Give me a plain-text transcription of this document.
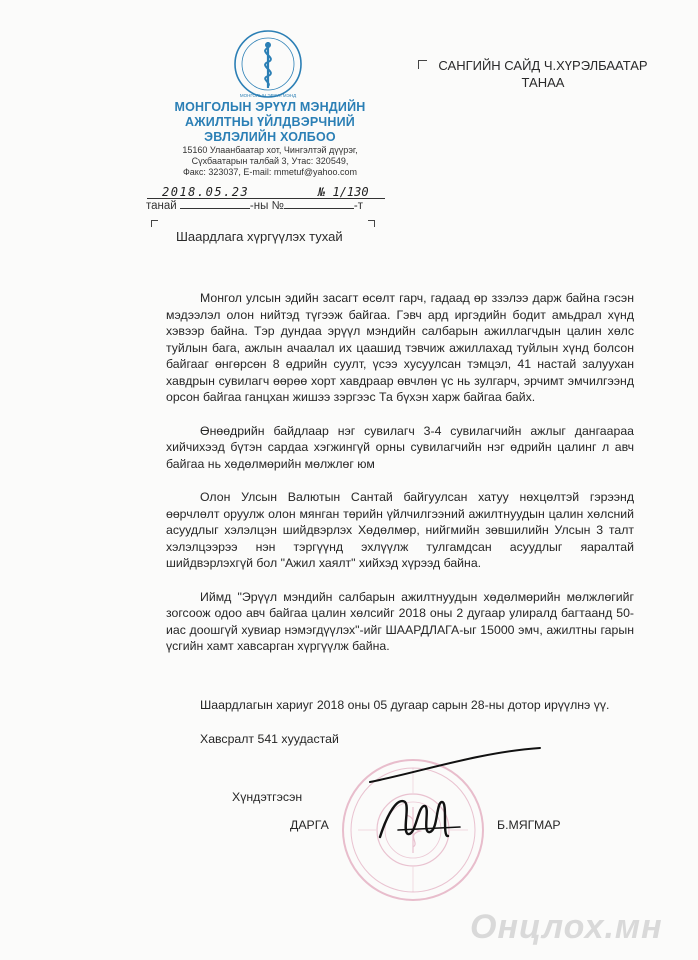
МОНГОЛЫН ЭРҮҮЛ МЭНД
МОНГОЛЫН ЭРҮҮЛ МЭНДИЙН
АЖИЛТНЫ ҮЙЛДВЭРЧНИЙ
ЭВЛЭЛИЙН ХОЛБОО
15160 Улаанбаатар хот, Чингэлтэй дүүрэг,
Сүхбаатарын талбай 3, Утас: 320549,
Факс: 323037, E-mail: mmetuf@yahoo.com
САНГИЙН САЙД Ч.ХҮРЭЛБААТАР
ТАНАА
2018.05.23	№ 1/130
танай	-ны №	-т
Шаардлага хүргүүлэх тухай

Монгол улсын эдийн засагт өсөлт гарч, гадаад өр ззэлээ дарж байна гэсэн мэдээлэл олон нийтэд түгээж байгаа. Гэвч ард иргэдийн бодит амьдрал хүнд хэвээр байна. Тэр дундаа эрүүл мэндийн салбарын ажиллагчдын цалин хөлс туйлын бага, ажлын ачаалал их цаашид тэвчиж ажиллахад туйлын хүнд болсон байгааг өнгөрсөн 8 өдрийн суулт, үсээ хусуулсан тэмцэл, 41 настай залуухан хавдрын сувилагч өөрөө хорт хавдраар өвчлөн үс нь зулгарч, эрчимт эмчилгээнд орсон байгаа ганцхан жишээ зэргээс Та бүхэн харж байгаа байх.

Өнөөдрийн байдлаар нэг сувилагч 3-4 сувилагчийн ажлыг дангаараа хийчихээд бүтэн сардаа хэгжингүй орны сувилагчийн нэг өдрийн цалинг л авч байгаа нь хөдөлмөрийн мөлжлөг юм

Олон Улсын Валютын Сантай байгуулсан хатуу нөхцөлтэй гэрээнд өөрчлөлт оруулж олон мянган төрийн үйлчилгээний ажилтнуудын цалин хөлсний асуудлыг хэлэлцэн шийдвэрлэх Хөдөлмөр, нийгмийн зөвшилийн Улсын 3 талт хэлэлцээрээ нэн тэргүүнд эхлүүлж тулгамдсан асуудлыг яаралтай шийдвэрлэхгүй бол "Ажил хаялт" хийхэд хүрээд байна.

Иймд "Эрүүл мэндийн салбарын ажилтнуудын хөдөлмөрийн мөлжлөгийг зогсоож одоо авч байгаа цалин хөлсийг 2018 оны 2 дугаар улиралд багтаанд 50-иас доошгүй хувиар нэмэгдүүлэх"-ийг ШААРДЛАГА-ыг 15000 эмч, ажилтны гарын үсгийн хамт хавсарган хүргүүлж байна.

Шаардлагын хариуг 2018 оны 05 дугаар сарын 28-ны дотор ирүүлнэ үү.
Хавсралт 541 хуудастай
Хүндэтгэсэн
ДАРГА	Б.МЯГМАР
Онцлох.мн
